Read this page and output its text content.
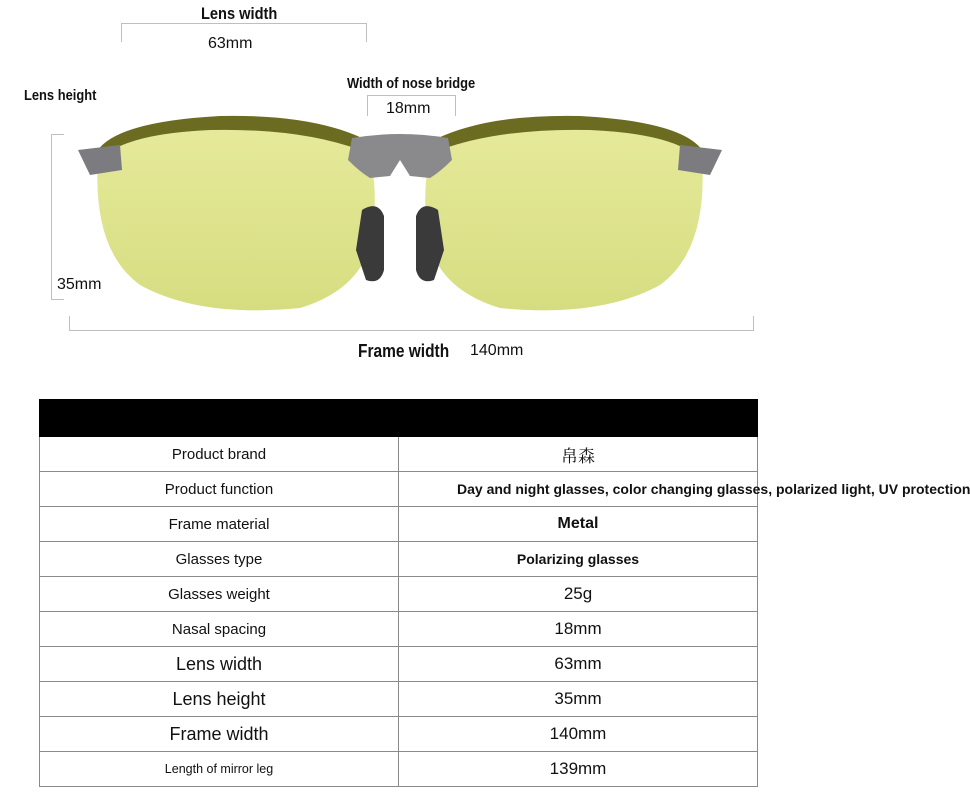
Lens width
63mm
Width of nose bridge
18mm
Lens height
35mm
Frame width 140mm

Product brand	帛森
Product function	Day and night glasses, color changing glasses, polarized light, UV protection
Frame material	Metal
Glasses type	Polarizing glasses
Glasses weight	25g
Nasal spacing	18mm
Lens width	63mm
Lens height	35mm
Frame width	140mm
Length of mirror leg	139mm
